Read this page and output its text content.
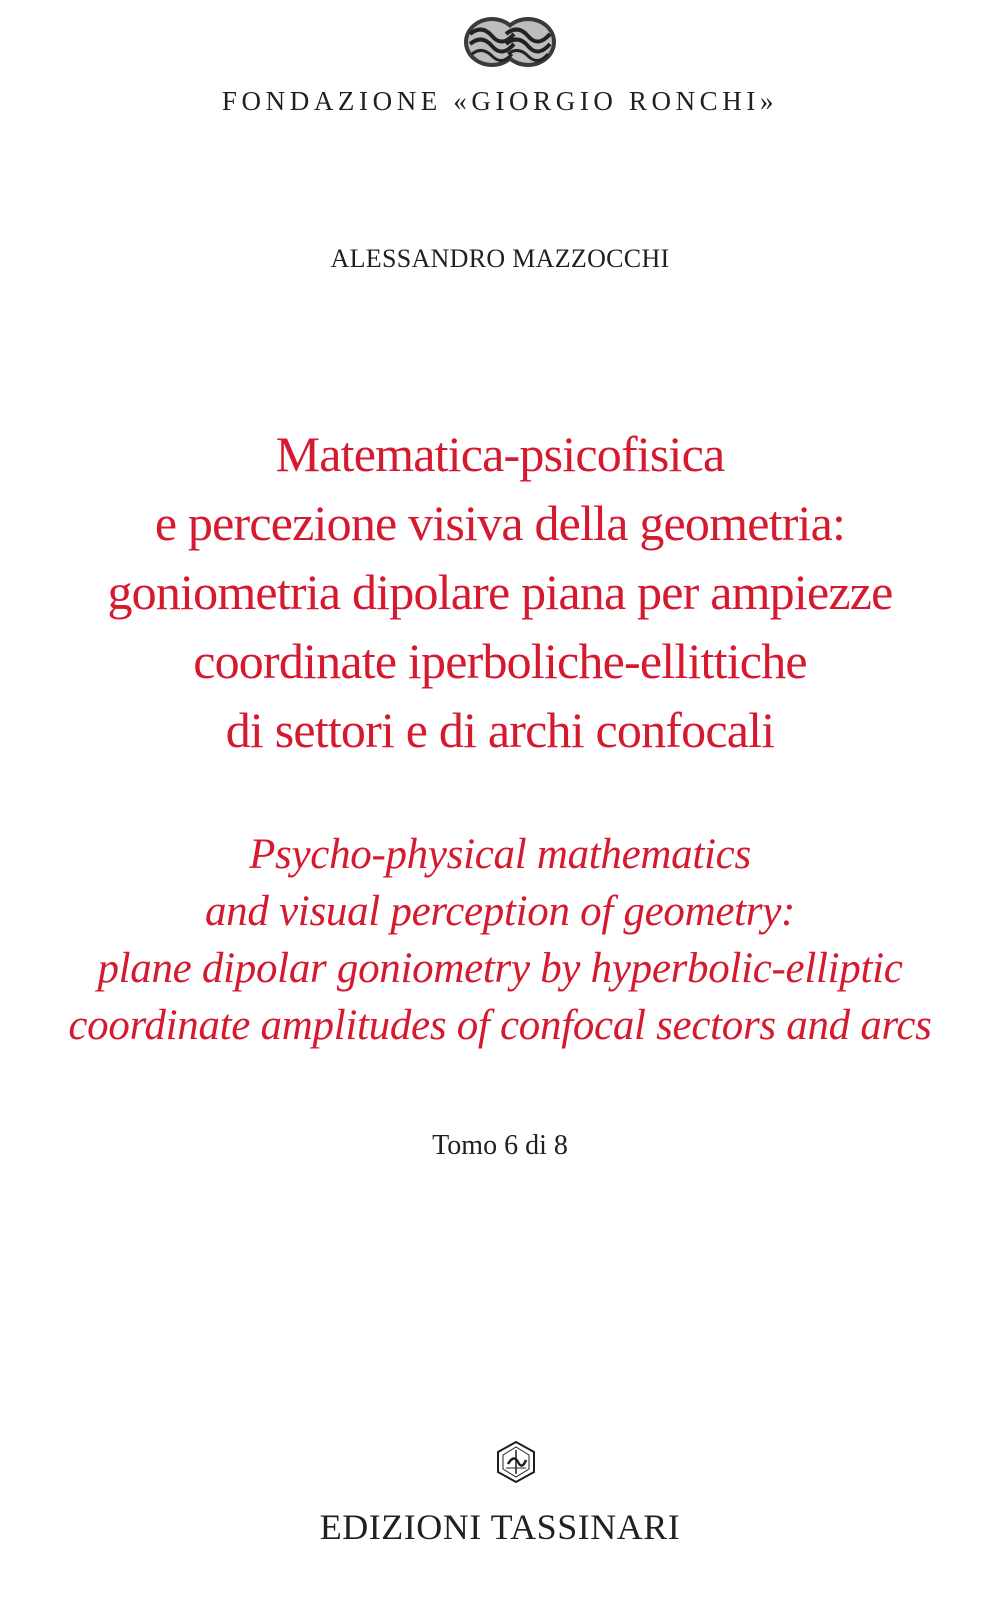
FONDAZIONE «GIORGIO RONCHI»
ALESSANDRO MAZZOCCHI
Matematica-psicofisica
e percezione visiva della geometria:
goniometria dipolare piana per ampiezze
coordinate iperboliche-ellittiche
di settori e di archi confocali
Psycho-physical mathematics
and visual perception of geometry:
plane dipolar goniometry by hyperbolic-elliptic
coordinate amplitudes of confocal sectors and arcs
Tomo 6 di 8
EDIZIONI TASSINARI
